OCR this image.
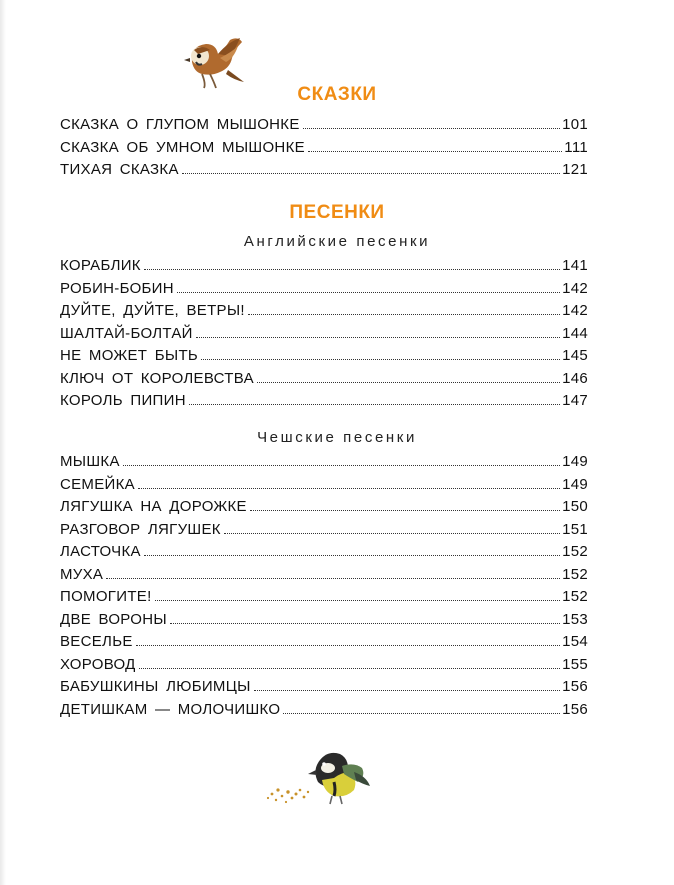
СКАЗКИ
СКАЗКА О ГЛУПОМ МЫШОНКЕ	101
СКАЗКА ОБ УМНОМ МЫШОНКЕ	111
ТИХАЯ СКАЗКА	121
ПЕСЕНКИ
Английские песенки
КОРАБЛИК	141
РОБИН-БОБИН	142
ДУЙТЕ, ДУЙТЕ, ВЕТРЫ!	142
ШАЛТАЙ-БОЛТАЙ	144
НЕ МОЖЕТ БЫТЬ	145
КЛЮЧ ОТ КОРОЛЕВСТВА	146
КОРОЛЬ ПИПИН	147
Чешские песенки
МЫШКА	149
СЕМЕЙКА	149
ЛЯГУШКА НА ДОРОЖКЕ	150
РАЗГОВОР ЛЯГУШЕК	151
ЛАСТОЧКА	152
МУХА	152
ПОМОГИТЕ!	152
ДВЕ ВОРОНЫ	153
ВЕСЕЛЬЕ	154
ХОРОВОД	155
БАБУШКИНЫ ЛЮБИМЦЫ	156
ДЕТИШКАМ — МОЛОЧИШКО	156
